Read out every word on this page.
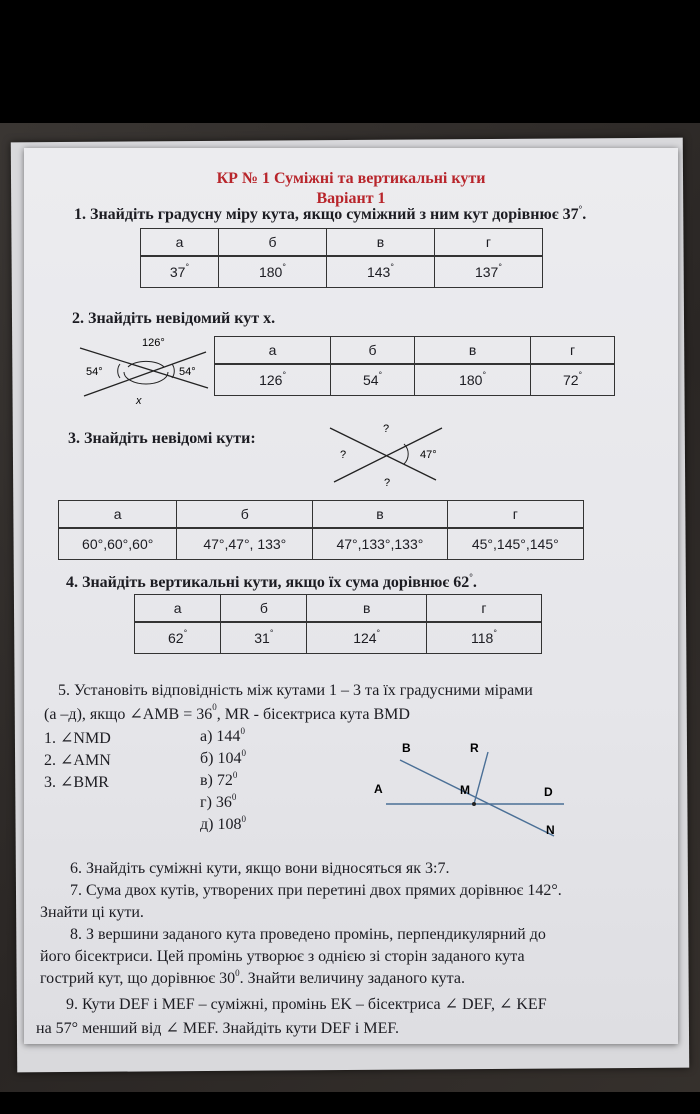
КР № 1 Суміжні та вертикальні кути
Варіант 1
1. Знайдіть градусну міру кута, якщо суміжний з ним кут дорівнює 37°.
а	б	в	г
37°	180°	143°	137°
2. Знайдіть невідомий кут x.
126°
54°	54°
x
а	б	в	г
126°	54°	180°	72°
3. Знайдіть невідомі кути:
?
?
?
47°
а	б	в	г
60°,60°,60°	47°,47°, 133°	47°,133°,133°	45°,145°,145°
4. Знайдіть вертикальні кути, якщо їх сума дорівнює 62°.
а	б	в	г
62°	31°	124°	118°
5. Установіть відповідність між кутами 1 – 3 та їх градусними мірами
(а –д), якщо ∠AMB = $36^0$, MR - бісектриса кута BMD
1. ∠NMD
2. ∠AMN
3. ∠BMR
а) $144^0$
б) $104^0$
в) $72^0$
г) $36^0$
д) $108^0$
B	R
A	M	D
N
6. Знайдіть суміжні кути, якщо вони відносяться як 3:7.
7. Сума двох кутів, утворених при перетині двох прямих дорівнює 142°.
Знайти ці кути.
8. З вершини заданого кута проведено промінь, перпендикулярний до
його бісектриси. Цей промінь утворює з однією зі сторін заданого кута
гострий кут, що дорівнює $30^0$. Знайти величину заданого кута.
9. Кути DEF і MEF – суміжні, промінь EK – бісектриса ∠ DEF, ∠ KEF
на 57° менший від ∠ MEF. Знайдіть кути DEF і MEF.
